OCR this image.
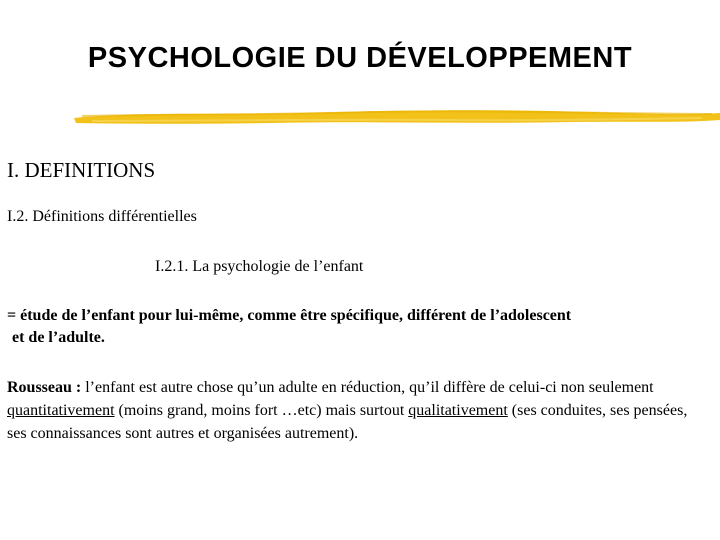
PSYCHOLOGIE DU DÉVELOPPEMENT
I. DEFINITIONS
I.2. Définitions différentielles
I.2.1. La psychologie de l’enfant
= étude de l’enfant pour lui-même, comme être spécifique, différent de l’adolescent
et de l’adulte.
Rousseau : l’enfant est autre chose qu’un adulte en réduction, qu’il diffère de celui-ci non seulement quantitativement (moins grand, moins fort …etc) mais surtout qualitativement (ses conduites, ses pensées, ses connaissances sont autres et organisées autrement).
